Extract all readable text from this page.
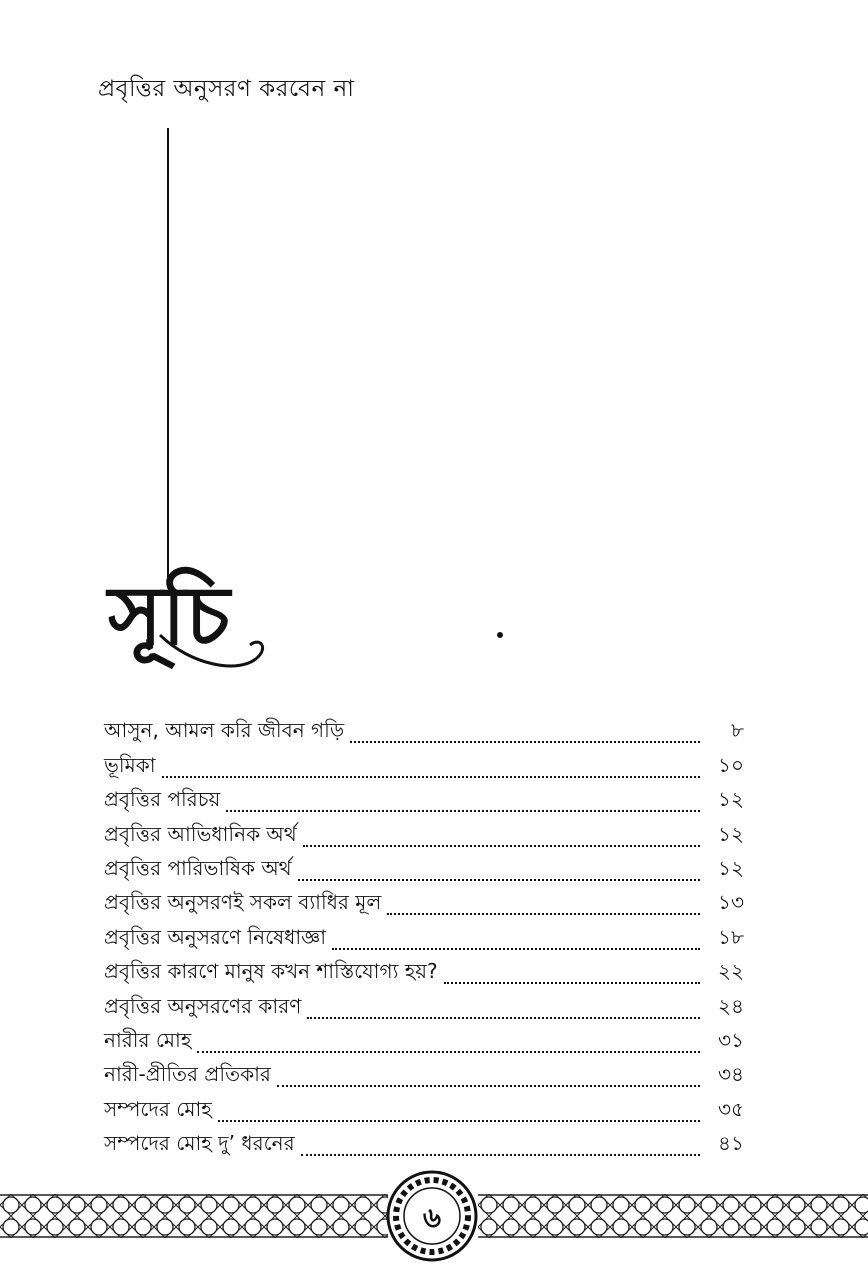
প্রবৃত্তির অনুসরণ করবেন না
সূচি
আসুন, আমল করি জীবন গড়ি	৮
ভূমিকা	১০
প্রবৃত্তির পরিচয়	১২
প্রবৃত্তির আভিধানিক অর্থ	১২
প্রবৃত্তির পারিভাষিক অর্থ	১২
প্রবৃত্তির অনুসরণই সকল ব্যাধির মূল	১৩
প্রবৃত্তির অনুসরণে নিষেধাজ্ঞা	১৮
প্রবৃত্তির কারণে মানুষ কখন শাস্তিযোগ্য হয়?	২২
প্রবৃত্তির অনুসরণের কারণ	২৪
নারীর মোহ	৩১
নারী-প্রীতির প্রতিকার	৩৪
সম্পদের মোহ	৩৫
সম্পদের মোহ দু’ ধরনের	৪১
৬
